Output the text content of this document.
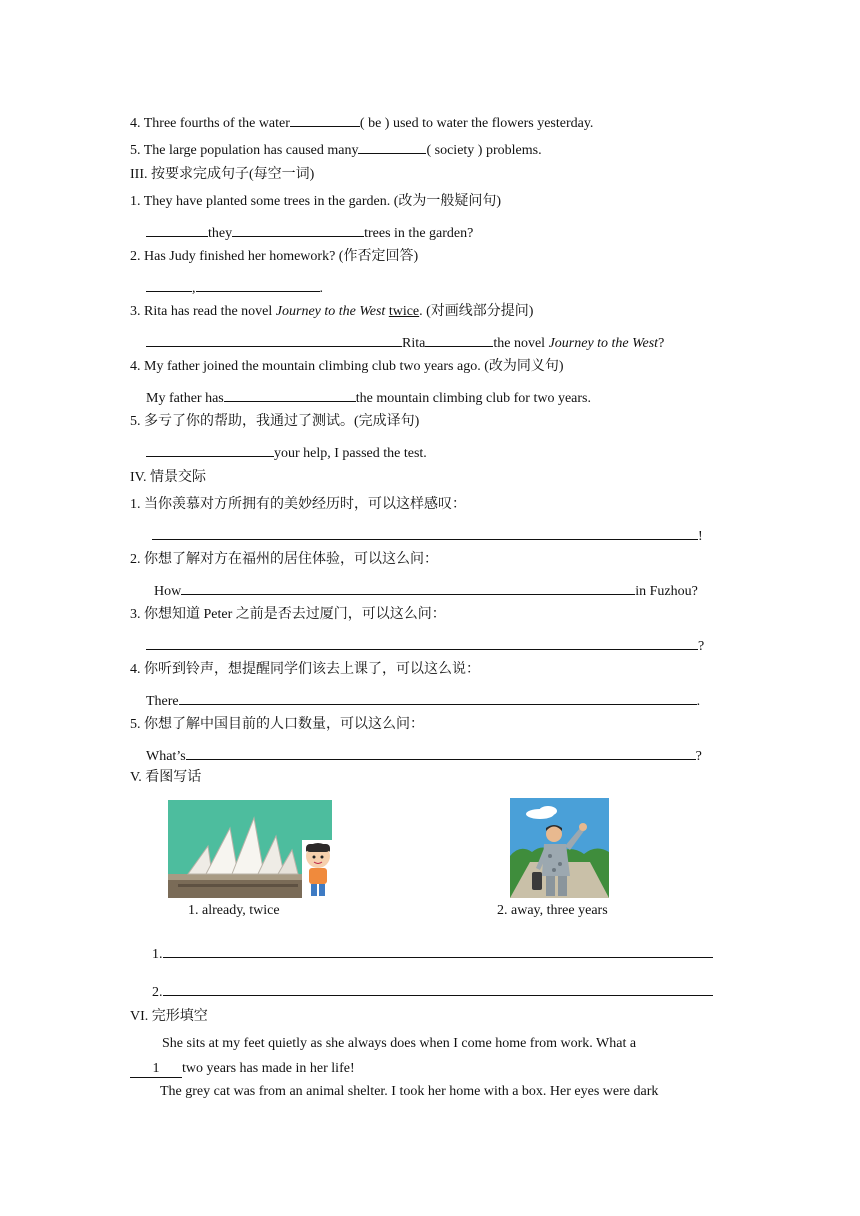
4. Three fourths of the water	( be ) used to water the flowers yesterday.
5. The large population has caused many	( society ) problems.
III. 按要求完成句子(每空一词)
1. They have planted some trees in the garden. (改为一般疑问句)
they	trees in the garden?
2. Has Judy finished her homework? (作否定回答)
,	.
3. Rita has read the novel Journey to the West twice. (对画线部分提问)
Rita	the novel Journey to the West?
4. My father joined the mountain climbing club two years ago. (改为同义句)
My father has	the mountain climbing club for two years.
5. 多亏了你的帮助，我通过了测试。(完成译句)
your help, I passed the test.
IV. 情景交际
1. 当你羡慕对方所拥有的美妙经历时，可以这样感叹：
!
2. 你想了解对方在福州的居住体验，可以这么问：
How	in Fuzhou?
3. 你想知道 Peter 之前是否去过厦门，可以这么问：
?
4. 你听到铃声，想提醒同学们该去上课了，可以这么说：
There	.
5. 你想了解中国目前的人口数量，可以这么问：
What’s	?
V. 看图写话
1. already, twice	2. away, three years
1.
2.
VI. 完形填空
She sits at my feet quietly as she always does when I come home from work. What a
1 two years has made in her life!
The grey cat was from an animal shelter. I took her home with a box. Her eyes were dark
